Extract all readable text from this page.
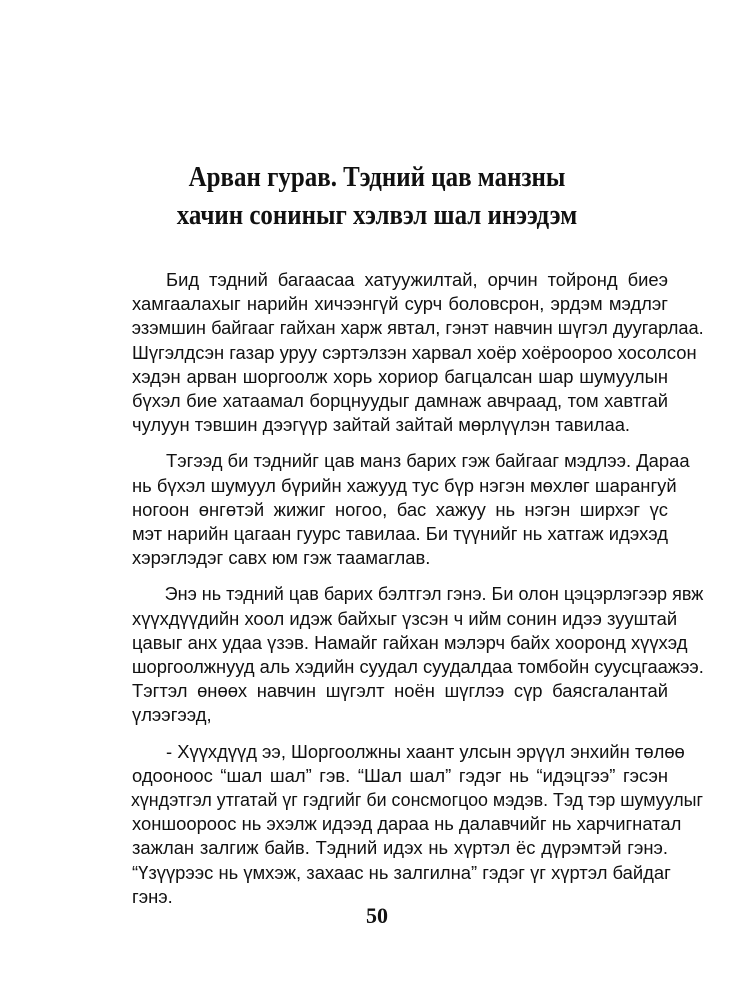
Арван гурав. Тэдний цав манзны
хачин сониныг хэлвэл шал инээдэм
Бид тэдний багаасаа хатуужилтай, орчин тойронд биеэ
хамгаалахыг нарийн хичээнгүй сурч боловсрон, эрдэм мэдлэг
эзэмшин байгааг гайхан харж явтал, гэнэт навчин шүгэл дуугарлаа.
Шүгэлдсэн газар уруу сэртэлзэн харвал хоёр хоёроороо хосолсон
хэдэн арван шоргоолж хорь хориор багцалсан шар шумуулын
бүхэл бие хатаамал борцнуудыг дамнаж авчраад, том хавтгай
чулуун тэвшин дээгүүр зайтай зайтай мөрлүүлэн тавилаа.
Тэгээд би тэднийг цав манз барих гэж байгааг мэдлээ. Дараа
нь бүхэл шумуул бүрийн хажууд тус бүр нэгэн мөхлөг шарангуй
ногоон өнгөтэй жижиг ногоо, бас хажуу нь нэгэн ширхэг үс
мэт нарийн цагаан гуурс тавилаа. Би түүнийг нь хатгаж идэхэд
хэрэглэдэг савх юм гэж таамаглав.
Энэ нь тэдний цав барих бэлтгэл гэнэ. Би олон цэцэрлэгээр явж
хүүхдүүдийн хоол идэж байхыг үзсэн ч ийм сонин идээ зууштай
цавыг анх удаа үзэв. Намайг гайхан мэлэрч байх хооронд хүүхэд
шоргоолжнууд аль хэдийн суудал суудалдаа томбойн суусцгаажээ.
Тэгтэл өнөөх навчин шүгэлт ноён шүглээ сүр баясгалантай
үлээгээд,
- Хүүхдүүд ээ, Шоргоолжны хаант улсын эрүүл энхийн төлөө
одооноос “шал шал” гэв. “Шал шал” гэдэг нь “идэцгээ” гэсэн
хүндэтгэл утгатай үг гэдгийг би сонсмогцоо мэдэв. Тэд тэр шумуулыг
хоншоороос нь эхэлж идээд дараа нь далавчийг нь харчигнатал
зажлан залгиж байв. Тэдний идэх нь хүртэл ёс дүрэмтэй гэнэ.
“Үзүүрээс нь үмхэж, захаас нь залгилна” гэдэг үг хүртэл байдаг
гэнэ.
50
